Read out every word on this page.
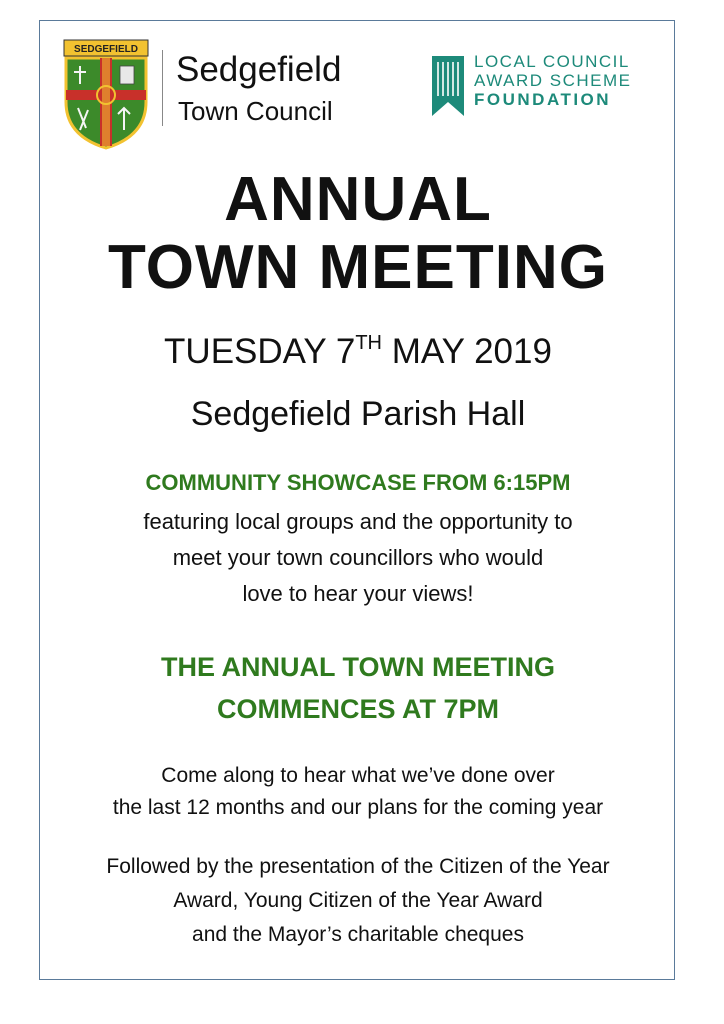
SEDGEFIELD
Sedgefield
Town Council
LOCAL COUNCIL
AWARD SCHEME
FOUNDATION
ANNUAL
TOWN MEETING
TUESDAY 7TH MAY 2019
Sedgefield Parish Hall
COMMUNITY SHOWCASE FROM 6:15PM
featuring local groups and the opportunity to
meet your town councillors who would
love to hear your views!
THE ANNUAL TOWN MEETING
COMMENCES AT 7PM
Come along to hear what we’ve done over
the last 12 months and our plans for the coming year
Followed by the presentation of the Citizen of the Year
Award, Young Citizen of the Year Award
and the Mayor’s charitable cheques
